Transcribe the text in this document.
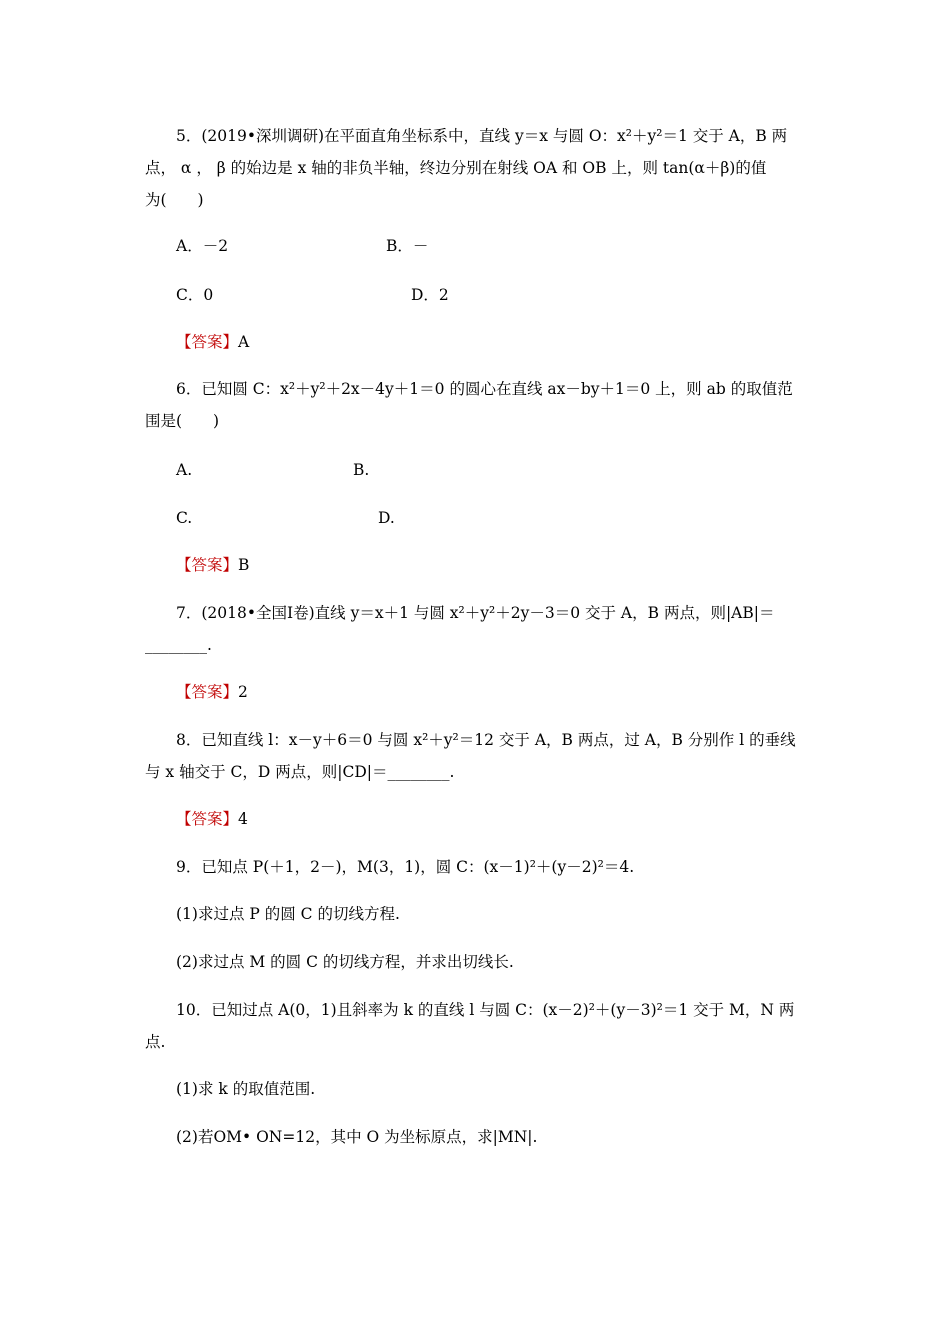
5．(2019•深圳调研)在平面直角坐标系中，直线 y＝x 与圆 O：x²＋y²＝1 交于 A，B 两
点， α ， β 的始边是 x 轴的非负半轴，终边分别在射线 OA 和 OB 上，则 tan(α＋β)的值
为(　　)
A．－2	B．－
C．0	D．2
【答案】A
6．已知圆 C：x²＋y²＋2x－4y＋1＝0 的圆心在直线 ax－by＋1＝0 上，则 ab 的取值范
围是(　　)
A.	B.
C.	D.
【答案】B
7．(2018•全国Ⅰ卷)直线 y＝x＋1 与圆 x²＋y²＋2y－3＝0 交于 A，B 两点，则|AB|＝
________.
【答案】2
8．已知直线 l：x－y＋6＝0 与圆 x²＋y²＝12 交于 A，B 两点，过 A，B 分别作 l 的垂线
与 x 轴交于 C，D 两点，则|CD|＝________.
【答案】4
9．已知点 P(＋1，2－)，M(3，1)，圆 C：(x－1)²＋(y－2)²＝4.
(1)求过点 P 的圆 C 的切线方程.
(2)求过点 M 的圆 C 的切线方程，并求出切线长.
10．已知过点 A(0，1)且斜率为 k 的直线 l 与圆 C：(x－2)²＋(y－3)²＝1 交于 M，N 两
点.
(1)求 k 的取值范围.
(2)若OM• ON=12，其中 O 为坐标原点，求|MN|.
